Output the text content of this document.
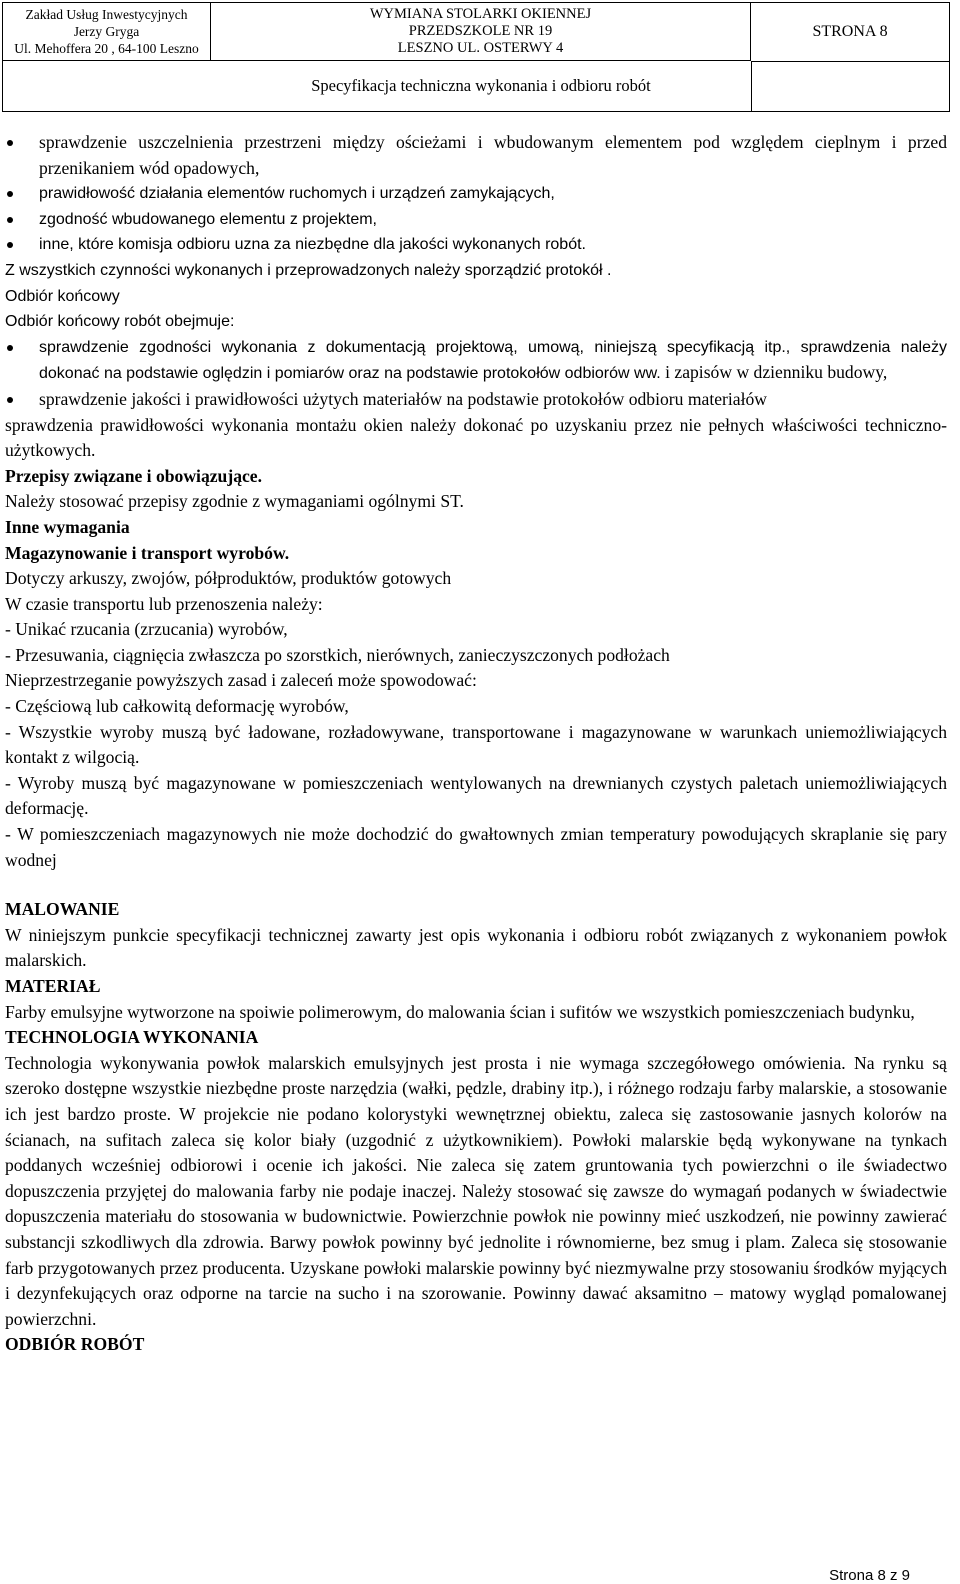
Zakład Usług Inwestycyjnych
Jerzy Gryga
Ul. Mehoffera 20 , 64-100 Leszno
WYMIANA STOLARKI OKIENNEJ
PRZEDSZKOLE NR 19
LESZNO UL. OSTERWY 4
STRONA 8
Specyfikacja techniczna wykonania i odbioru robót
sprawdzenie uszczelnienia przestrzeni między ościeżami i wbudowanym elementem pod względem cieplnym i przed przenikaniem wód opadowych,
prawidłowość działania elementów ruchomych i urządzeń zamykających,
zgodność wbudowanego elementu z projektem,
inne, które komisja odbioru uzna za niezbędne dla jakości wykonanych robót.

Z wszystkich czynności wykonanych i przeprowadzonych należy sporządzić protokół .

Odbiór końcowy

Odbiór końcowy robót obejmuje:

sprawdzenie zgodności wykonania z dokumentacją projektową, umową, niniejszą specyfikacją itp., sprawdzenia należy dokonać na podstawie oględzin i pomiarów oraz na podstawie protokołów odbiorów ww. i zapisów w dzienniku budowy,
sprawdzenie jakości i prawidłowości użytych materiałów na podstawie protokołów odbioru materiałów

sprawdzenia prawidłowości wykonania montażu okien należy dokonać po uzyskaniu przez nie pełnych właściwości techniczno-użytkowych.

Przepisy związane i obowiązujące.

Należy stosować przepisy zgodnie z wymaganiami ogólnymi ST.

Inne wymagania

Magazynowanie i transport wyrobów.

Dotyczy arkuszy, zwojów, półproduktów, produktów gotowych

W czasie transportu lub przenoszenia należy:

- Unikać rzucania (zrzucania) wyrobów,

- Przesuwania, ciągnięcia zwłaszcza po szorstkich, nierównych, zanieczyszczonych podłożach

Nieprzestrzeganie powyższych zasad i zaleceń może spowodować:

- Częściową lub całkowitą deformację wyrobów,

- Wszystkie wyroby muszą być ładowane, rozładowywane, transportowane i magazynowane w warunkach uniemożliwiających kontakt z wilgocią.

- Wyroby muszą być magazynowane w pomieszczeniach wentylowanych na drewnianych czystych paletach uniemożliwiających deformację.

- W pomieszczeniach magazynowych nie może dochodzić do gwałtownych zmian temperatury powodujących skraplanie się pary wodnej

MALOWANIE

W niniejszym punkcie specyfikacji technicznej zawarty jest opis wykonania i odbioru robót związanych z wykonaniem powłok malarskich.

MATERIAŁ

Farby emulsyjne wytworzone na spoiwie polimerowym, do malowania ścian i sufitów we wszystkich pomieszczeniach budynku,

TECHNOLOGIA WYKONANIA

Technologia wykonywania powłok malarskich emulsyjnych jest prosta i nie wymaga szczegółowego omówienia. Na rynku są szeroko dostępne wszystkie niezbędne proste narzędzia (wałki, pędzle, drabiny itp.), i różnego rodzaju farby malarskie, a stosowanie ich jest bardzo proste. W projekcie nie podano kolorystyki wewnętrznej obiektu, zaleca się zastosowanie jasnych kolorów na ścianach, na sufitach zaleca się kolor biały (uzgodnić z użytkownikiem). Powłoki malarskie będą wykonywane na tynkach poddanych wcześniej odbiorowi i ocenie ich jakości. Nie zaleca się zatem gruntowania tych powierzchni o ile świadectwo dopuszczenia przyjętej do malowania farby nie podaje inaczej. Należy stosować się zawsze do wymagań podanych w świadectwie dopuszczenia materiału do stosowania w budownictwie. Powierzchnie powłok nie powinny mieć uszkodzeń, nie powinny zawierać substancji szkodliwych dla zdrowia. Barwy powłok powinny być jednolite i równomierne, bez smug i plam. Zaleca się stosowanie farb przygotowanych przez producenta. Uzyskane powłoki malarskie powinny być niezmywalne przy stosowaniu środków myjących i dezynfekujących oraz odporne na tarcie na sucho i na szorowanie. Powinny dawać aksamitno – matowy wygląd pomalowanej powierzchni.

ODBIÓR ROBÓT

Strona 8 z 9
